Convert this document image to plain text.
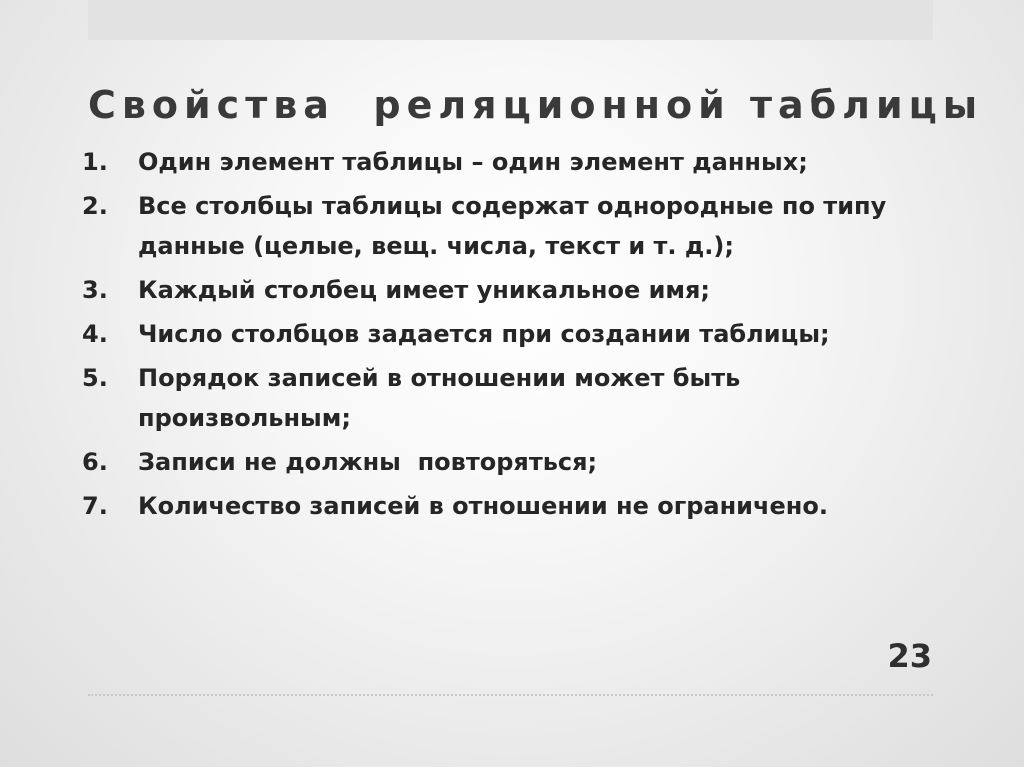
Свойства  реляционной таблицы
1.	Один элемент таблицы – один элемент данных;
2.	Все столбцы таблицы содержат однородные по типу
данные (целые, вещ. числа, текст и т. д.);
3.	Каждый столбец имеет уникальное имя;
4.	Число столбцов задается при создании таблицы;
5.	Порядок записей в отношении может быть
произвольным;
6.	Записи не должны  повторяться;
7.	Количество записей в отношении не ограничено.
23
